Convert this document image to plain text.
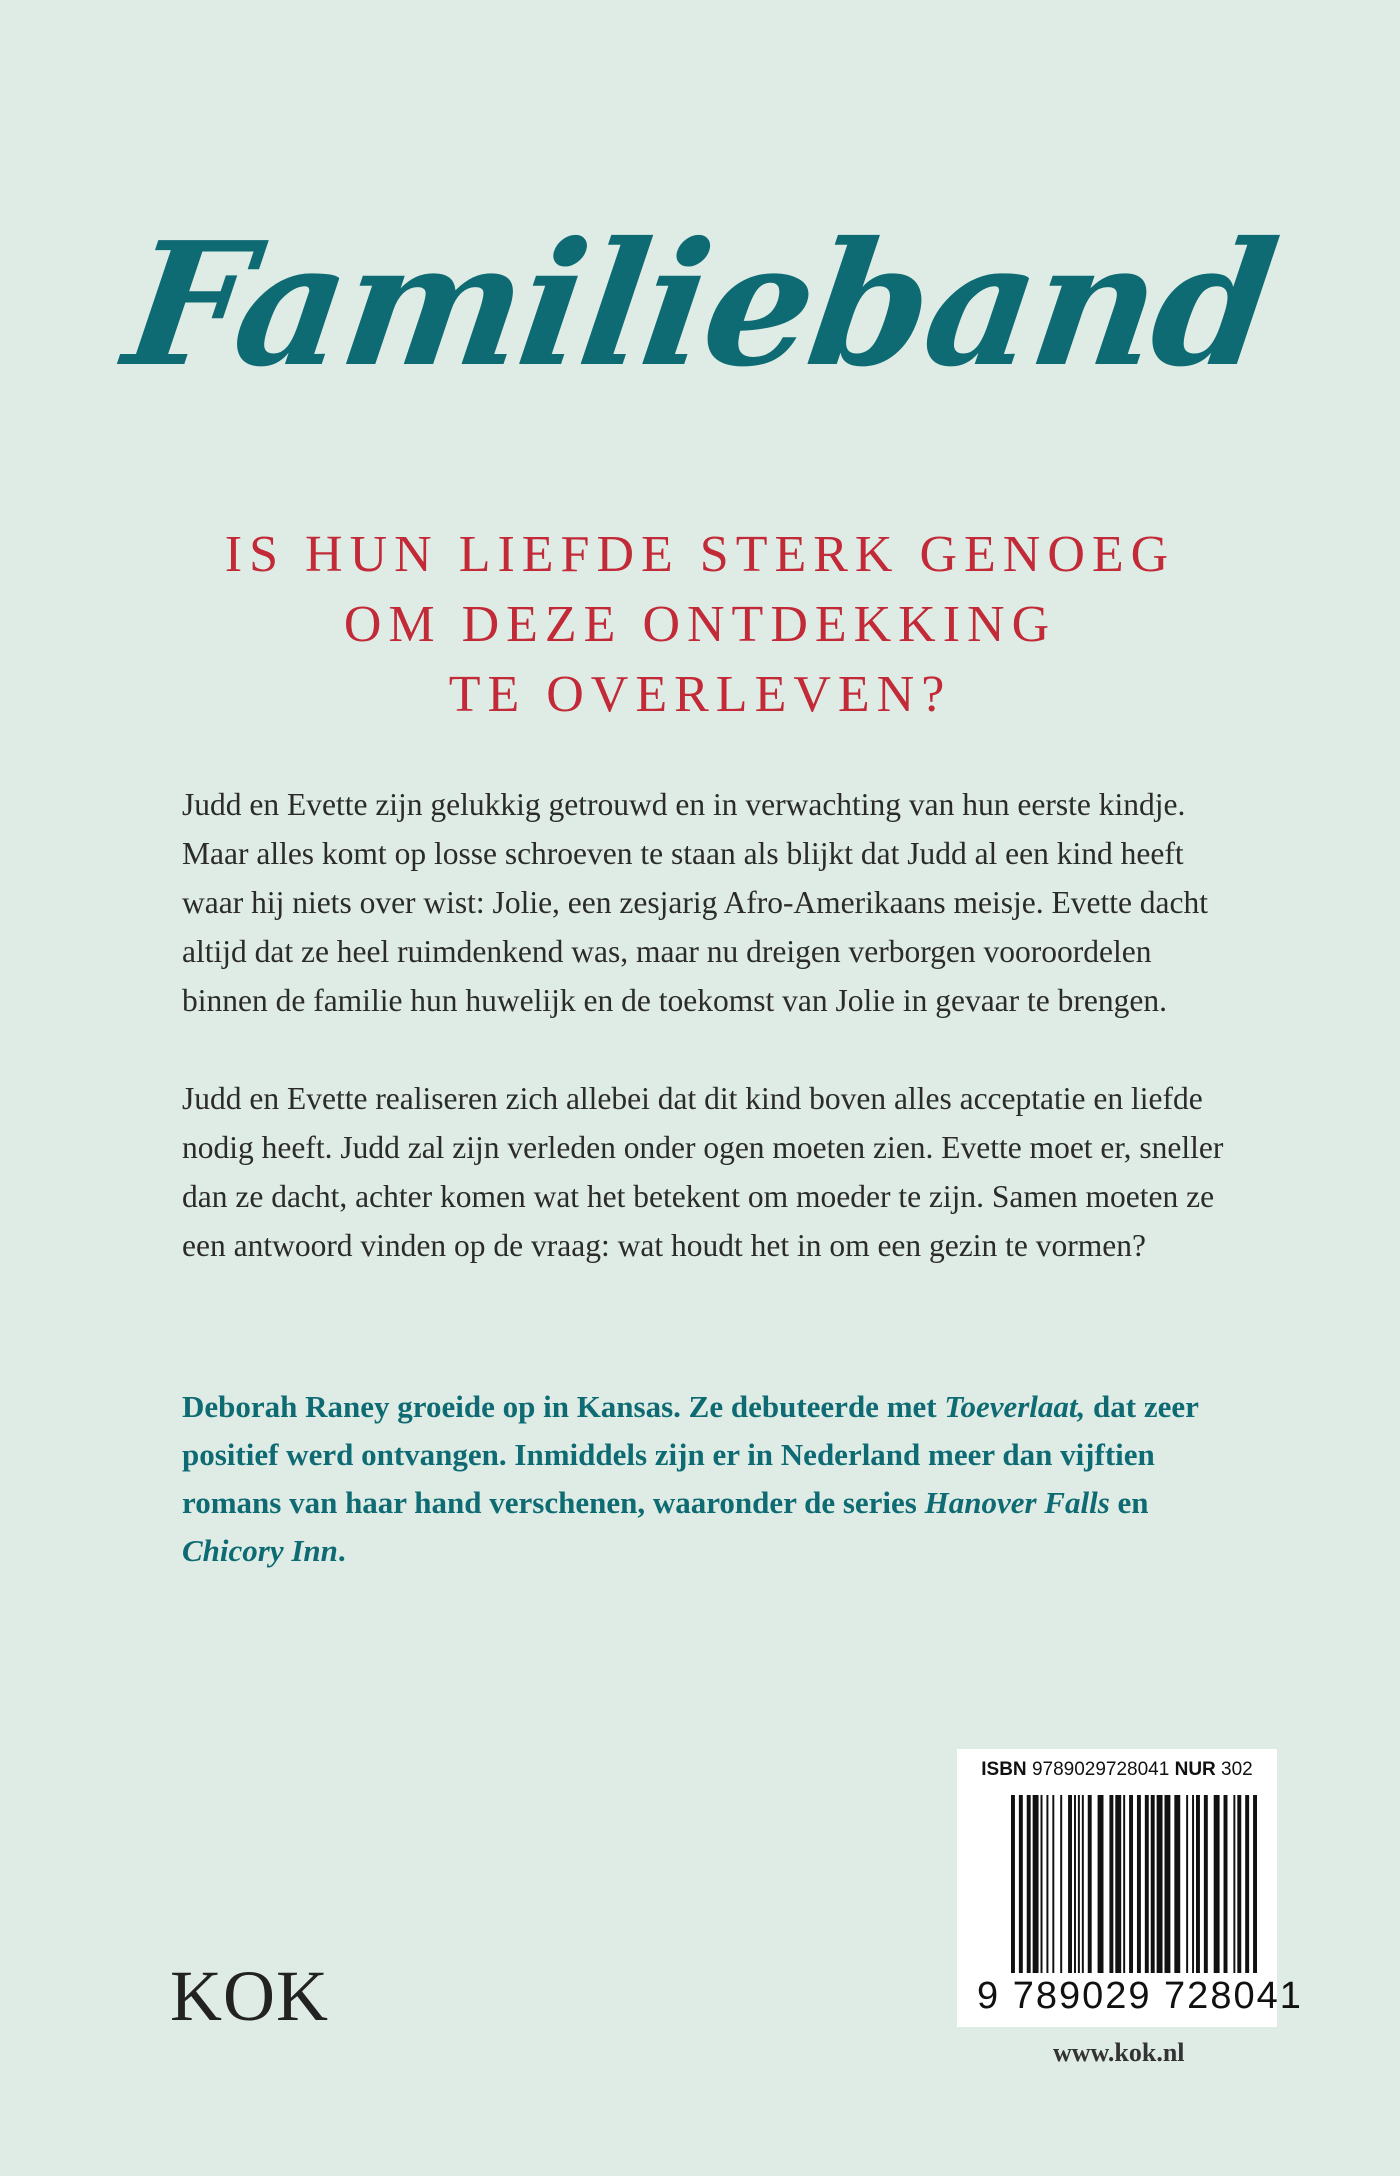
Familieband
IS HUN LIEFDE STERK GENOEG
OM DEZE ONTDEKKING
TE OVERLEVEN?

Judd en Evette zijn gelukkig getrouwd en in verwachting van hun eerste kindje. Maar alles komt op losse schroeven te staan als blijkt dat Judd al een kind heeft waar hij niets over wist: Jolie, een zesjarig Afro-Amerikaans meisje. Evette dacht altijd dat ze heel ruimdenkend was, maar nu dreigen verborgen vooroordelen binnen de familie hun huwelijk en de toekomst van Jolie in gevaar te brengen.

Judd en Evette realiseren zich allebei dat dit kind boven alles acceptatie en liefde nodig heeft. Judd zal zijn verleden onder ogen moeten zien. Evette moet er, sneller dan ze dacht, achter komen wat het betekent om moeder te zijn. Samen moeten ze een antwoord vinden op de vraag: wat houdt het in om een gezin te vormen?

Deborah Raney groeide op in Kansas. Ze debuteerde met Toeverlaat, dat zeer positief werd ontvangen. Inmiddels zijn er in Nederland meer dan vijftien romans van haar hand verschenen, waaronder de series Hanover Falls en Chicory Inn.
KOK
ISBN 9789029728041 NUR 302
9 789029 728041
www.kok.nl
